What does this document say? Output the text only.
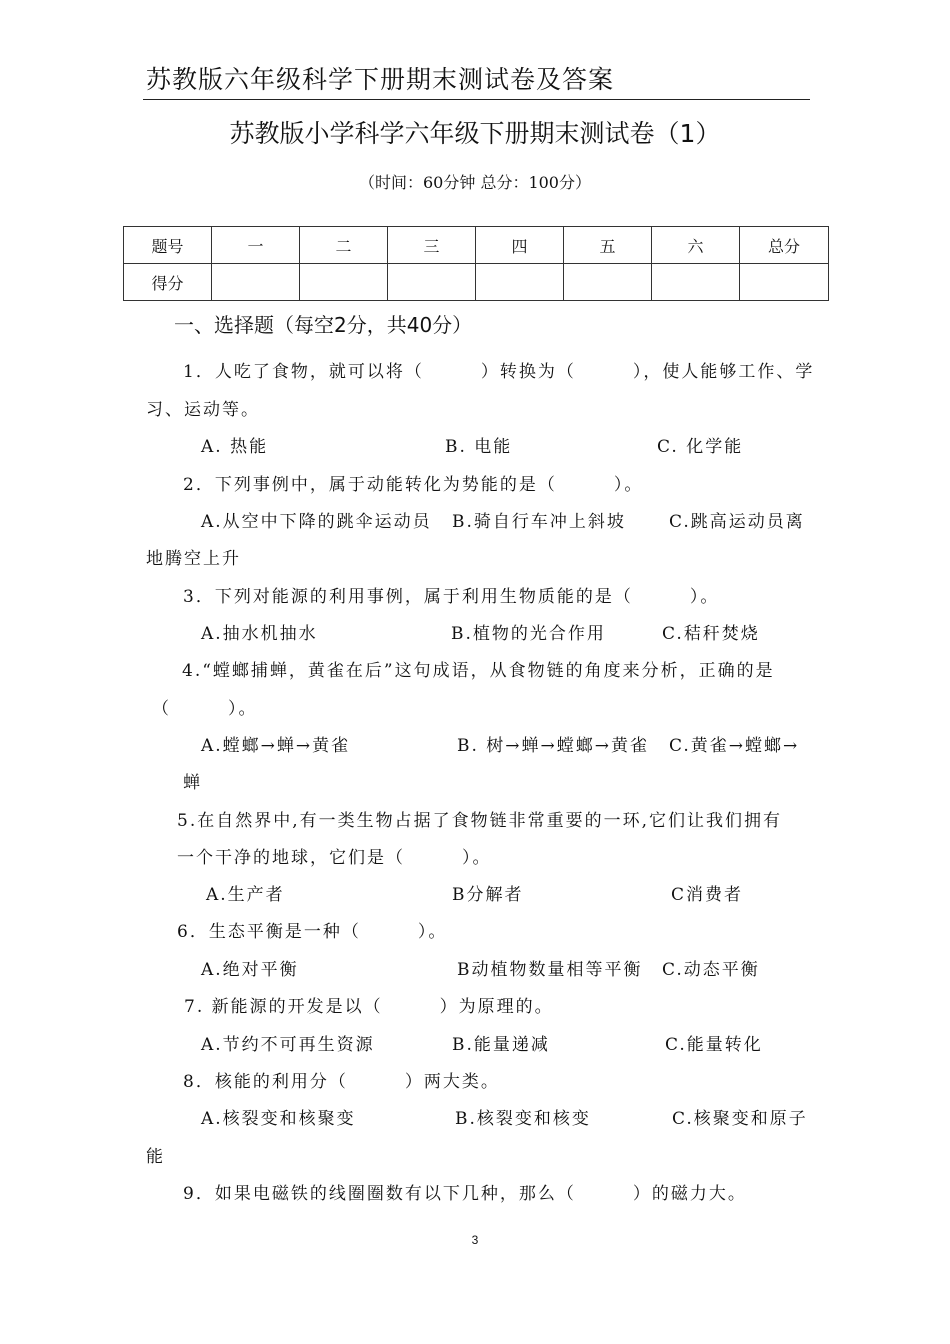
苏教版六年级科学下册期末测试卷及答案
苏教版小学科学六年级下册期末测试卷（1）
（时间：60分钟 总分：100分）
题号	一	二	三	四	五	六	总分
得分							
一、选择题（每空2分，共40分）
1．人吃了食物，就可以将（　　　）转换为（　　　），使人能够工作、学
习、运动等。
A. 热能	B. 电能	C. 化学能
2．下列事例中，属于动能转化为势能的是（　　　）。
A.从空中下降的跳伞运动员 B.骑自行车冲上斜坡	C.跳高运动员离
地腾空上升
3．下列对能源的利用事例，属于利用生物质能的是（　　　）。
A.抽水机抽水	B.植物的光合作用	C.秸秆焚烧
4.“螳螂捕蝉，黄雀在后”这句成语，从食物链的角度来分析，正确的是
（　　　）。
A.螳螂→蝉→黄雀	B. 树→蝉→螳螂→黄雀 C.黄雀→螳螂→
蝉
5.在自然界中,有一类生物占据了食物链非常重要的一环,它们让我们拥有
一个干净的地球，它们是（　　　）。
A.生产者	B分解者	C消费者
6．生态平衡是一种（　　　）。
A.绝对平衡	B动植物数量相等平衡 C.动态平衡
7. 新能源的开发是以（　　　）为原理的。
A.节约不可再生资源	B.能量递减	C.能量转化
8．核能的利用分（　　　）两大类。
A.核裂变和核聚变	B.核裂变和核变	C.核聚变和原子
能
9．如果电磁铁的线圈圈数有以下几种，那么（　　　）的磁力大。
3
